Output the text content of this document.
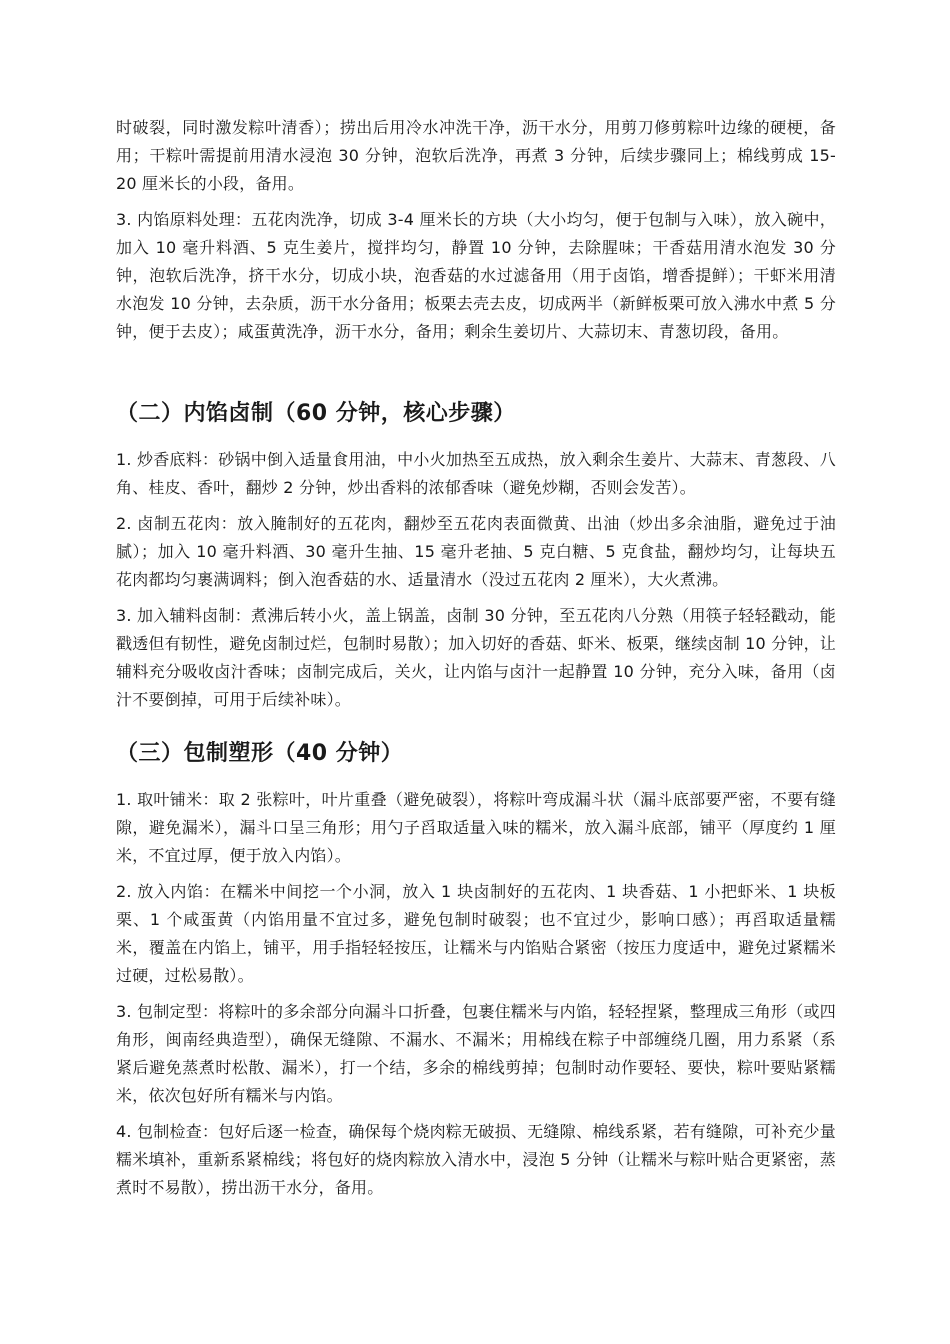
时破裂，同时激发粽叶清香）；捞出后用冷水冲洗干净，沥干水分，用剪刀修剪粽叶边缘的硬梗，备用；干粽叶需提前用清水浸泡 30 分钟，泡软后洗净，再煮 3 分钟，后续步骤同上；棉线剪成 15-20 厘米长的小段，备用。

3. 内馅原料处理：五花肉洗净，切成 3-4 厘米长的方块（大小均匀，便于包制与入味），放入碗中，加入 10 毫升料酒、5 克生姜片，搅拌均匀，静置 10 分钟，去除腥味；干香菇用清水泡发 30 分钟，泡软后洗净，挤干水分，切成小块，泡香菇的水过滤备用（用于卤馅，增香提鲜）；干虾米用清水泡发 10 分钟，去杂质，沥干水分备用；板栗去壳去皮，切成两半（新鲜板栗可放入沸水中煮 5 分钟，便于去皮）；咸蛋黄洗净，沥干水分，备用；剩余生姜切片、大蒜切末、青葱切段，备用。

（二）内馅卤制（60 分钟，核心步骤）

1. 炒香底料：砂锅中倒入适量食用油，中小火加热至五成热，放入剩余生姜片、大蒜末、青葱段、八角、桂皮、香叶，翻炒 2 分钟，炒出香料的浓郁香味（避免炒糊，否则会发苦）。

2. 卤制五花肉：放入腌制好的五花肉，翻炒至五花肉表面微黄、出油（炒出多余油脂，避免过于油腻）；加入 10 毫升料酒、30 毫升生抽、15 毫升老抽、5 克白糖、5 克食盐，翻炒均匀，让每块五花肉都均匀裹满调料；倒入泡香菇的水、适量清水（没过五花肉 2 厘米），大火煮沸。

3. 加入辅料卤制：煮沸后转小火，盖上锅盖，卤制 30 分钟，至五花肉八分熟（用筷子轻轻戳动，能戳透但有韧性，避免卤制过烂，包制时易散）；加入切好的香菇、虾米、板栗，继续卤制 10 分钟，让辅料充分吸收卤汁香味；卤制完成后，关火，让内馅与卤汁一起静置 10 分钟，充分入味，备用（卤汁不要倒掉，可用于后续补味）。

（三）包制塑形（40 分钟）

1. 取叶铺米：取 2 张粽叶，叶片重叠（避免破裂），将粽叶弯成漏斗状（漏斗底部要严密，不要有缝隙，避免漏米），漏斗口呈三角形；用勺子舀取适量入味的糯米，放入漏斗底部，铺平（厚度约 1 厘米，不宜过厚，便于放入内馅）。

2. 放入内馅：在糯米中间挖一个小洞，放入 1 块卤制好的五花肉、1 块香菇、1 小把虾米、1 块板栗、1 个咸蛋黄（内馅用量不宜过多，避免包制时破裂；也不宜过少，影响口感）；再舀取适量糯米，覆盖在内馅上，铺平，用手指轻轻按压，让糯米与内馅贴合紧密（按压力度适中，避免过紧糯米过硬，过松易散）。

3. 包制定型：将粽叶的多余部分向漏斗口折叠，包裹住糯米与内馅，轻轻捏紧，整理成三角形（或四角形，闽南经典造型），确保无缝隙、不漏水、不漏米；用棉线在粽子中部缠绕几圈，用力系紧（系紧后避免蒸煮时松散、漏米），打一个结，多余的棉线剪掉；包制时动作要轻、要快，粽叶要贴紧糯米，依次包好所有糯米与内馅。

4. 包制检查：包好后逐一检查，确保每个烧肉粽无破损、无缝隙、棉线系紧，若有缝隙，可补充少量糯米填补，重新系紧棉线；将包好的烧肉粽放入清水中，浸泡 5 分钟（让糯米与粽叶贴合更紧密，蒸煮时不易散），捞出沥干水分，备用。
